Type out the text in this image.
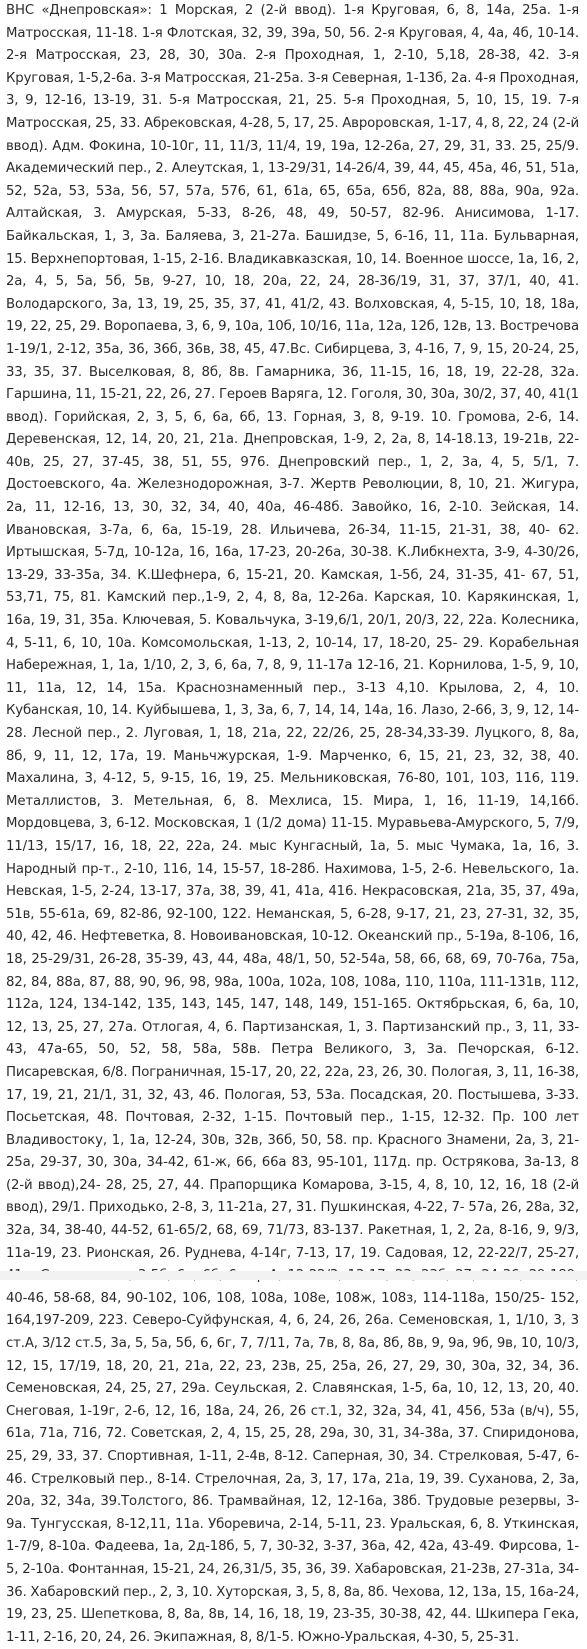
ВНС «Днепровская»: 1 Морская, 2 (2-й ввод). 1-я Круговая, 6, 8, 14а, 25а. 1-я Матросская, 11-18. 1-я Флотская, 32, 39, 39а, 50, 56. 2-я Круговая, 4, 4а, 4б, 10-14. 2-я Матросская, 23, 28, 30, 30а. 2-я Проходная, 1, 2-10, 5,18, 28-38, 42. 3-я Круговая, 1-5,2-6а. 3-я Матросская, 21-25а. 3-я Северная, 1-13б, 2а. 4-я Проходная, 3, 9, 12-16, 13-19, 31. 5-я Матросская, 21, 25. 5-я Проходная, 5, 10, 15, 19. 7-я Матросская, 25, 33. Абрековская, 4-28, 5, 17, 25. Авроровская, 1-17, 4, 8, 22, 24 (2-й ввод). Адм. Фокина, 10-10г, 11, 11/3, 11/4, 19, 19а, 12-26а, 27, 29, 31, 33. 25, 25/9. Академический пер., 2. Алеутская, 1, 13-29/31, 14-26/4, 39, 44, 45, 45а, 46, 51, 51а, 52, 52а, 53, 53а, 56, 57, 57а, 576, 61, 61а, 65, 65а, 65б, 82а, 88, 88а, 90а, 92а. Алтайская, 3. Амурская, 5-33, 8-26, 48, 49, 50-57, 82-96. Анисимова, 1-17. Байкальская, 1, 3, 3а. Баляева, 3, 21-27а. Башидзе, 5, 6-16, 11, 11а. Бульварная, 15. Верхнепортовая, 1-15, 2-16. Владикавказская, 10, 14. Военное шоссе, 1а, 16, 2, 2а, 4, 5, 5а, 5б, 5в, 9-27, 10, 18, 20а, 22, 24, 28-36/19, 31, 37, 37/1, 40, 41. Володарского, 3а, 13, 19, 25, 35, 37, 41, 41/2, 43. Волховская, 4, 5-15, 10, 18, 18а, 19, 22, 25, 29. Воропаева, 3, 6, 9, 10а, 10б, 10/16, 11а, 12а, 12б, 12в, 13. Востречова 1-19/1, 2-12, 35а, 36, 36б, 36в, 38, 45, 47.Вс. Сибирцева, 3, 4-16, 7, 9, 15, 20-24, 25, 33, 35, 37. Выселковая, 8, 8б, 8в. Гамарника, 36, 11-15, 16, 18, 19, 22-28, 32а. Гаршина, 11, 15-21, 22, 26, 27. Героев Варяга, 12. Гоголя, 30, 30а, 30/2, 37, 40, 41(1 ввод). Горийская, 2, 3, 5, 6, 6а, 6б, 13. Горная, 3, 8, 9-19. 10. Громова, 2-6, 14. Деревенская, 12, 14, 20, 21, 21а. Днепровская, 1-9, 2, 2а, 8, 14-18.13, 19-21в, 22-40в, 25, 27, 37-45, 38, 51, 55, 976. Днепровский пер., 1, 2, 3а, 4, 5, 5/1, 7. Достоевского, 4а. Железнодорожная, 3-7. Жертв Революции, 8, 10, 21. Жигура, 2а, 11, 12-16, 13, 30, 32, 34, 40, 40а, 46-48б. Завойко, 16, 2-10. Зейская, 14. Ивановская, 3-7а, 6, 6а, 15-19, 28. Ильичева, 26-34, 11-15, 21-31, 38, 40- 62. Иртышская, 5-7д, 10-12а, 16, 16а, 17-23, 20-26а, 30-38. К.Либкнехта, 3-9, 4-30/26, 13-29, 33-35а, 34. К.Шефнера, 6, 15-21, 20. Камская, 1-5б, 24, 31-35, 41- 67, 51, 53,71, 75, 81. Камский пер.,1-9, 2, 4, 8, 8а, 12-26а. Карская, 10. Карякинская, 1, 16а, 19, 31, 35а. Ключевая, 5. Ковальчука, 3-19,6/1, 20/1, 20/3, 22, 22а. Колесника, 4, 5-11, 6, 10, 10а. Комсомольская, 1-13, 2, 10-14, 17, 18-20, 25- 29. Корабельная Набережная, 1, 1а, 1/10, 2, 3, 6, 6а, 7, 8, 9, 11-17а 12-16, 21. Корнилова, 1-5, 9, 10, 11, 11а, 12, 14, 15а. Краснознаменный пер., 3-13 4,10. Крылова, 2, 4, 10. Кубанская, 10, 14. Куйбышева, 1, 3, 3а, 6, 7, 14, 14, 14а, 16. Лазо, 2-66, 3, 9, 12, 14-28. Лесной пер., 2. Луговая, 1, 18, 21а, 22, 22/26, 25, 28-34,33-39. Луцкого, 8, 8а, 8б, 9, 11, 12, 17а, 19. Маньчжурская, 1-9. Марченко, 6, 15, 21, 23, 32, 38, 40. Махалина, 3, 4-12, 5, 9-15, 16, 19, 25. Мельниковская, 76-80, 101, 103, 116, 119. Металлистов, 3. Метельная, 6, 8. Мехлиса, 15. Мира, 1, 16, 11-19, 14,16б. Мордовцева, 3, 6-12. Московская, 1 (1/2 дома) 11-15. Муравьева-Амурского, 5, 7/9, 11/13, 15/17, 16, 18, 22, 22а, 24. мыс Кунгасный, 1а, 5. мыс Чумака, 1а, 16, 3. Народный пр-т., 2-10, 116, 14, 15-57, 18-28б. Нахимова, 1-5, 2-6. Невельского, 1а. Невская, 1-5, 2-24, 13-17, 37а, 38, 39, 41, 41а, 416. Некрасовская, 21а, 35, 37, 49а, 51в, 55-61а, 69, 82-86, 92-100, 122. Неманская, 5, 6-28, 9-17, 21, 23, 27-31, 32, 35, 40, 42, 46. Нефтеветка, 8. Новоивановская, 10-12. Океанский пр., 5-19а, 8-106, 16, 18, 25-29/31, 26-28, 35-39, 43, 44, 48а, 48/1, 50, 52-54а, 58, 66, 68, 69, 70-76а, 75а, 82, 84, 88а, 87, 88, 90, 96, 98, 98а, 100а, 102а, 108, 108а, 110, 110а, 111-131в, 112, 112а, 124, 134-142, 135, 143, 145, 147, 148, 149, 151-165. Октябрьская, 6, 6а, 10, 12, 13, 25, 27, 27а. Отлогая, 4, 6. Партизанская, 1, 3. Партизанский пр., 3, 11, 33-43, 47а-65, 50, 52, 58, 58а, 58в. Петра Великого, 3, 3а. Печорская, 6-12. Писаревская, 6/8. Пограничная, 15-17, 20, 22, 22а, 23, 26, 30. Пологая, 3, 11, 16-38, 17, 19, 21, 21/1, 31, 32, 43, 46. Пологая, 53, 53а. Посадская, 20. Постышева, 3-33. Посьетская, 48. Почтовая, 2-32, 1-15. Почтовый пер., 1-15, 12-32. Пр. 100 лет Владивостоку, 1, 1а, 12-24, 30в, 32в, 36б, 50, 58. пр. Красного Знамени, 2а, 3, 21-25а, 29-37, 30, 30а, 34-42, 61-ж, 66, 66а 83, 95-101, 117д. пр. Острякова, 3а-13, 8 (2-й ввод),24- 28, 25, 27, 44. Прапорщика Комарова, 3-15, 4, 8, 10, 12, 16, 18 (2-й ввод), 29/1. Приходько, 2-8, 3, 11-21а, 27, 31. Пушкинская, 4-22, 7- 57а, 26, 28а, 32, 32а, 34, 38-40, 44-52, 61-65/2, 68, 69, 71/73, 83-137. Ракетная, 1, 2, 2а, 8-16, 9, 9/3, 11а-19, 23. Рионская, 26. Руднева, 4-14г, 7-13, 17, 19. Садовая, 12, 22-22/7, 25-27, 40-46, 58-68, 84, 90-102, 106, 108, 108а, 108е, 108ж, 108з, 114-118а, 150/25- 152, 164,197-209, 223. Северо-Суйфунская, 4, 6, 24, 26, 26а. Семеновская, 1, 1/10, 3, 3 ст.А, 3/12 ст.5, 3а, 5, 5а, 5б, 6, 6г, 7, 7/11, 7а, 7в, 8, 8а, 8б, 8в, 9, 9а, 9б, 9в, 10, 10/3, 12, 15, 17/19, 18, 20, 21, 21а, 22, 23, 23в, 25, 25а, 26, 27, 29, 30, 30а, 32, 34, 36. Семеновская, 24, 25, 27, 29а. Сеульская, 2. Славянская, 1-5, 6а, 10, 12, 13, 20, 40. Снеговая, 1-19г, 2-6, 12, 16, 18а, 24, 26, 26 ст.1, 32, 32а, 34, 41, 456, 53а (в/ч), 55, 61а, 71а, 716, 72. Советская, 2, 4, 15, 25, 28, 29а, 30, 31, 34-38а, 37. Спиридонова, 25, 29, 33, 37. Спортивная, 1-11, 2-4в, 8-12. Саперная, 30, 34. Стрелковая, 5-47, 6-46. Стрелковый пер., 8-14. Стрелочная, 2а, 3, 17, 17а, 21а, 19, 39. Суханова, 2, 3а, 20а, 32, 34а, 39.Толстого, 86. Трамвайная, 12, 12-16а, 38б. Трудовые резервы, 3-9а. Тунгусская, 8-12,11, 11а. Уборевича, 2-14, 5-11, 23. Уральская, 6, 8. Уткинская, 1-7/9, 8-10а. Фадеева, 1а, 2д-18б, 5, 7, 30-32, 3-37, 36а, 42, 42а, 43-49. Фирсова, 1-5, 2-10а. Фонтанная, 15-21, 24, 26,31/5, 35, 36, 39. Хабаровская, 21-23в, 27-31а, 34-36. Хабаровский пер., 2, 3, 10. Хуторская, 3, 5, 8, 8а, 8б. Чехова, 12, 13а, 15, 16а-24, 19, 23, 25. Шепеткова, 8, 8а, 8в, 14, 16, 18, 19, 23-35, 30-38, 42, 44. Шкипера Гека, 1-11, 2-16, 20, 24, 26. Экипажная, 8, 8/1-5. Южно-Уральская, 4-30, 5, 25-31.
